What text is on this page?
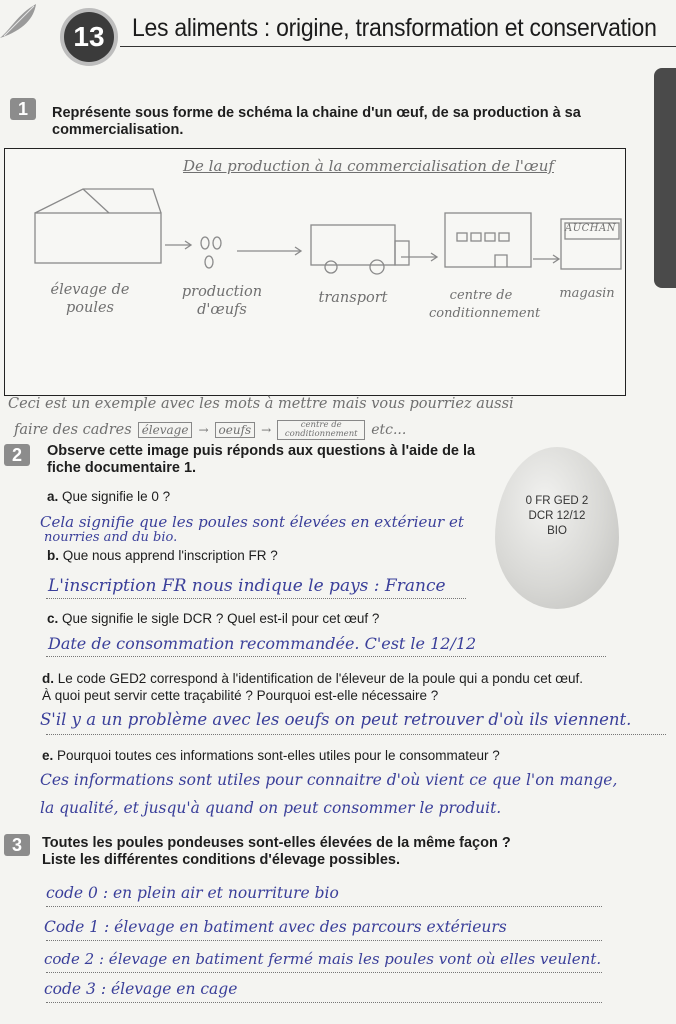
13	Les aliments : origine, transformation et conservation
1	Représente sous forme de schéma la chaine d'un œuf, de sa production à sa commercialisation.
De la production à la commercialisation de l'œuf
AUCHAN
élevage de poules
production d'œufs
transport	centre de conditionnement
magasin
Ceci est un exemple avec les mots à mettre mais vous pourriez aussi
faire des cadres élevage → oeufs →	centre de conditionnement etc...
2	Observe cette image puis réponds aux questions à l'aide de la fiche documentaire 1.
0 FR GED 2
DCR 12/12
BIO
a. Que signifie le 0 ?
Cela signifie que les poules sont élevées en extérieur et
nourries and du bio.
b. Que nous apprend l'inscription FR ?
L'inscription FR nous indique le pays : France
c. Que signifie le sigle DCR ? Quel est-il pour cet œuf ?
Date de consommation recommandée. C'est le 12/12
d. Le code GED2 correspond à l'identification de l'éleveur de la poule qui a pondu cet œuf.
À quoi peut servir cette traçabilité ? Pourquoi est-elle nécessaire ?
S'il y a un problème avec les oeufs on peut retrouver d'où ils viennent.
e. Pourquoi toutes ces informations sont-elles utiles pour le consommateur ?
Ces informations sont utiles pour connaitre d'où vient ce que l'on mange,
la qualité, et jusqu'à quand on peut consommer le produit.
3	Toutes les poules pondeuses sont-elles élevées de la même façon ?
Liste les différentes conditions d'élevage possibles.
code 0 : en plein air et nourriture bio
Code 1 : élevage en batiment avec des parcours extérieurs
code 2 : élevage en batiment fermé mais les poules vont où elles veulent.
code 3 : élevage en cage
